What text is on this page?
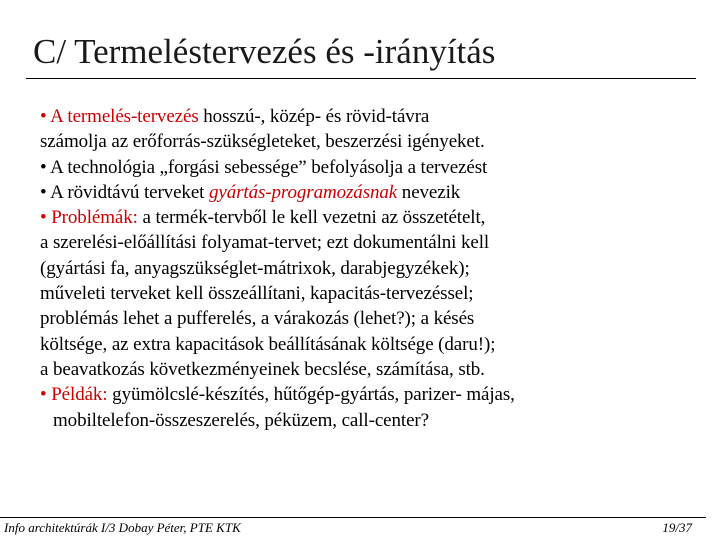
C/ Termeléstervezés és -irányítás
• A termelés-tervezés hosszú-, közép- és rövid-távra
számolja az erőforrás-szükségleteket, beszerzési igényeket.
• A technológia „forgási sebessége” befolyásolja a tervezést
• A rövidtávú terveket gyártás-programozásnak nevezik
• Problémák: a termék-tervből le kell vezetni az összetételt,
a szerelési-előállítási folyamat-tervet; ezt dokumentálni kell
(gyártási fa, anyagszükséglet-mátrixok, darabjegyzékek);
műveleti terveket kell összeállítani, kapacitás-tervezéssel;
problémás lehet a pufferelés, a várakozás (lehet?); a késés
költsége, az extra kapacitások beállításának költsége (daru!);
a beavatkozás következményeinek becslése, számítása, stb.
• Példák: gyümölcslé-készítés, hűtőgép-gyártás, parizer- májas,
mobiltelefon-összeszerelés, péküzem, call-center?
Info architektúrák I/3 Dobay Péter, PTE KTK	19/37
